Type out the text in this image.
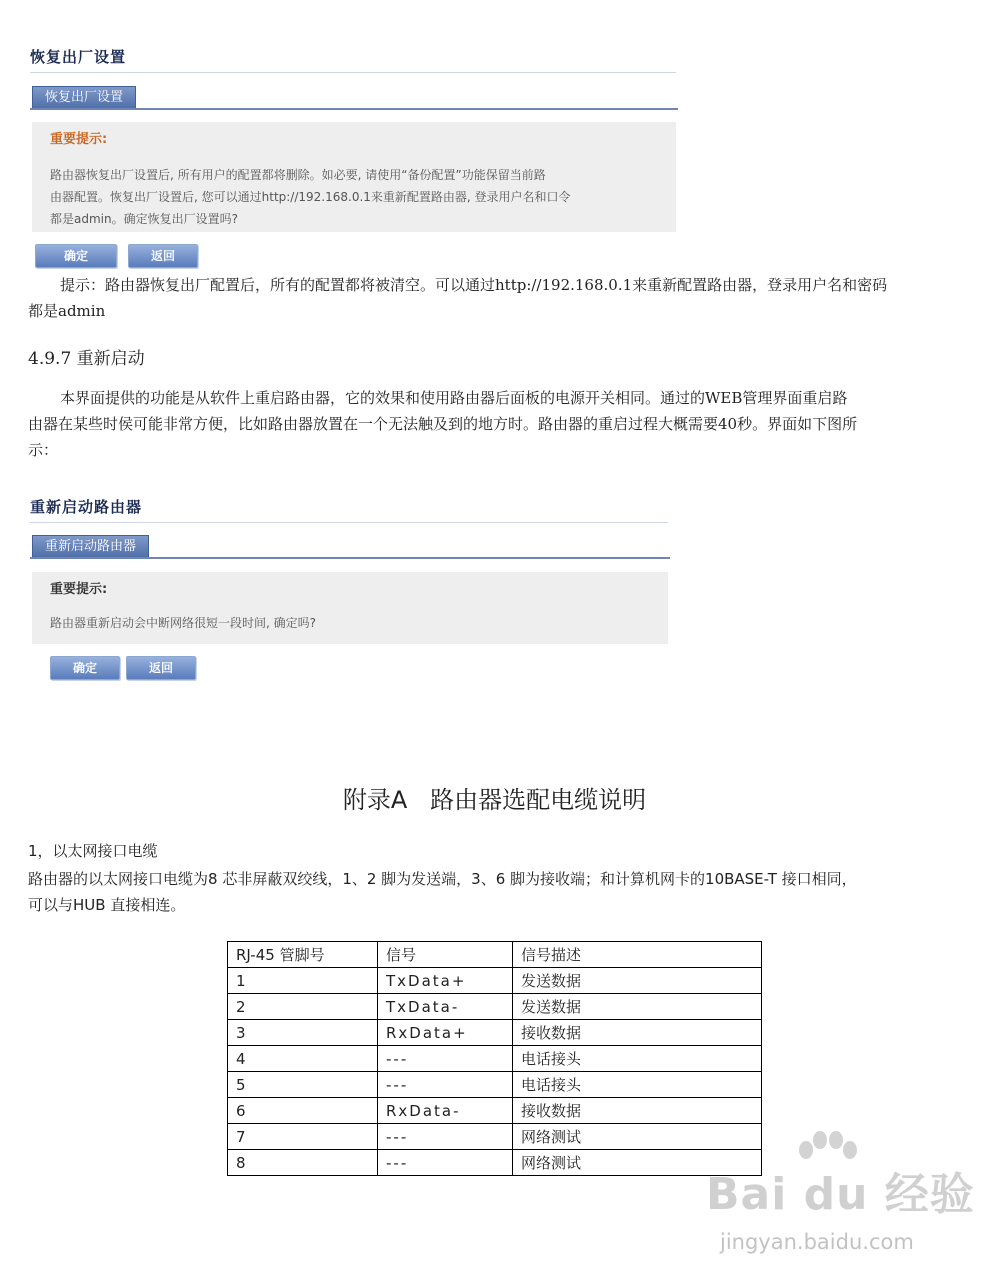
恢复出厂设置
恢复出厂设置
重要提示:
路由器恢复出厂设置后, 所有用户的配置都将删除。如必要, 请使用“备份配置”功能保留当前路
由器配置。恢复出厂设置后, 您可以通过http://192.168.0.1来重新配置路由器, 登录用户名和口令
都是admin。确定恢复出厂设置吗?
确定	返回
提示：路由器恢复出厂配置后，所有的配置都将被清空。可以通过http://192.168.0.1来重新配置路由器，登录用户名和密码
都是admin
4.9.7 重新启动
本界面提供的功能是从软件上重启路由器，它的效果和使用路由器后面板的电源开关相同。通过的WEB管理界面重启路
由器在某些时侯可能非常方便，比如路由器放置在一个无法触及到的地方时。路由器的重启过程大概需要40秒。界面如下图所
示：
重新启动路由器
重新启动路由器
重要提示:
路由器重新启动会中断网络很短一段时间, 确定吗?
确定	返回
附录A   路由器选配电缆说明
1，以太网接口电缆
路由器的以太网接口电缆为8 芯非屏蔽双绞线，1、2 脚为发送端，3、6 脚为接收端；和计算机网卡的10BASE-T 接口相同，
可以与HUB 直接相连。
RJ-45 管脚号	信号	信号描述
1	TxData+	发送数据
2	TxData-	发送数据
3	RxData+	接收数据
4	---	电话接头
5	---	电话接头
6	RxData-	接收数据
7	---	网络测试
8	---	网络测试
Bai du 经验
jingyan.baidu.com
